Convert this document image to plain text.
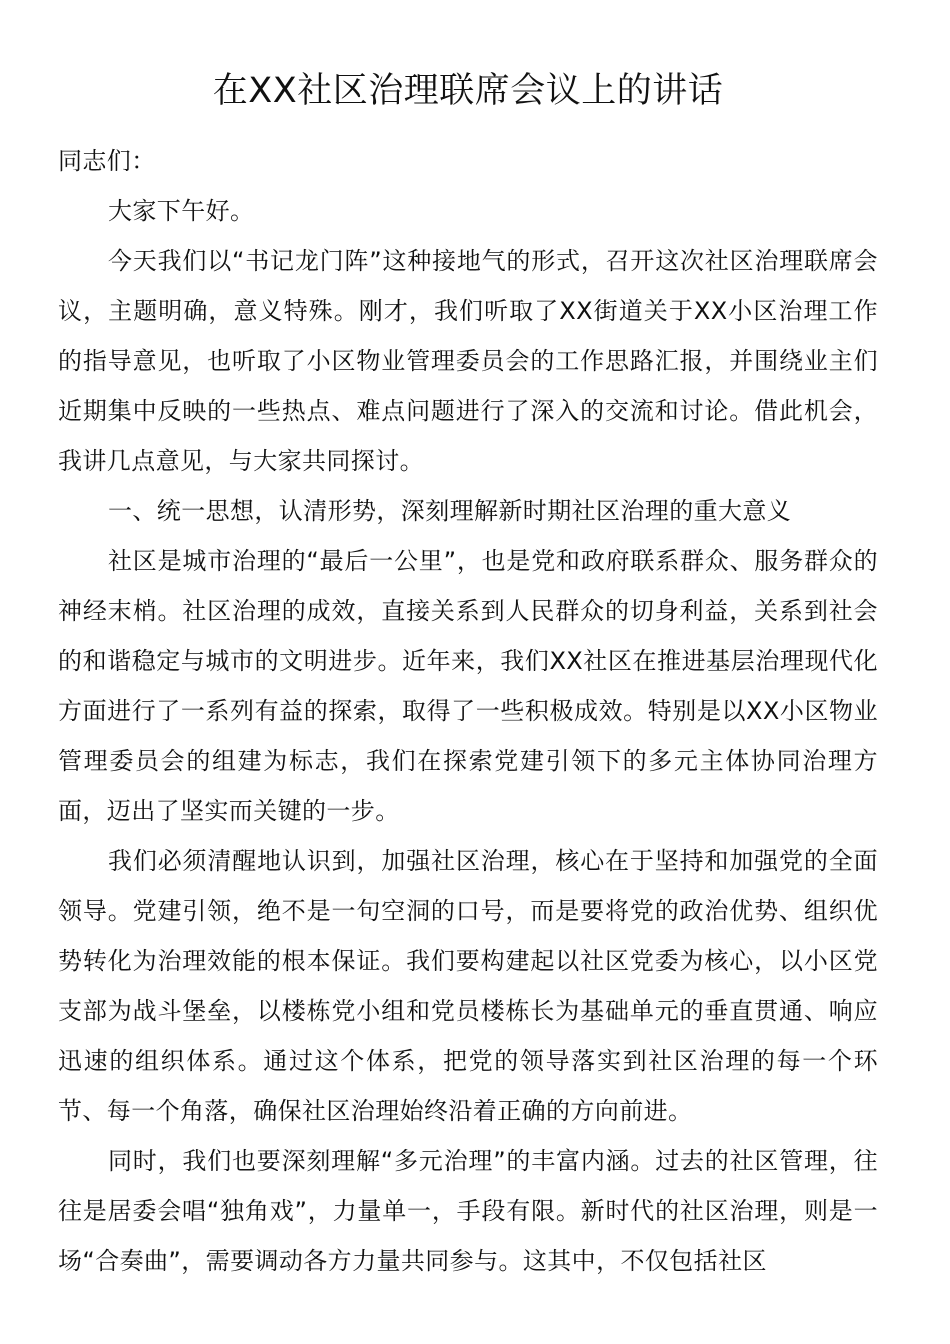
在XX社区治理联席会议上的讲话

同志们：

大家下午好。

今天我们以“书记龙门阵”这种接地气的形式，召开这次社区治理联席会议，主题明确，意义特殊。刚才，我们听取了XX街道关于XX小区治理工作的指导意见，也听取了小区物业管理委员会的工作思路汇报，并围绕业主们近期集中反映的一些热点、难点问题进行了深入的交流和讨论。借此机会，我讲几点意见，与大家共同探讨。

一、统一思想，认清形势，深刻理解新时期社区治理的重大意义

社区是城市治理的“最后一公里”，也是党和政府联系群众、服务群众的神经末梢。社区治理的成效，直接关系到人民群众的切身利益，关系到社会的和谐稳定与城市的文明进步。近年来，我们XX社区在推进基层治理现代化方面进行了一系列有益的探索，取得了一些积极成效。特别是以XX小区物业管理委员会的组建为标志，我们在探索党建引领下的多元主体协同治理方面，迈出了坚实而关键的一步。

我们必须清醒地认识到，加强社区治理，核心在于坚持和加强党的全面领导。党建引领，绝不是一句空洞的口号，而是要将党的政治优势、组织优势转化为治理效能的根本保证。我们要构建起以社区党委为核心，以小区党支部为战斗堡垒，以楼栋党小组和党员楼栋长为基础单元的垂直贯通、响应迅速的组织体系。通过这个体系，把党的领导落实到社区治理的每一个环节、每一个角落，确保社区治理始终沿着正确的方向前进。

同时，我们也要深刻理解“多元治理”的丰富内涵。过去的社区管理，往往是居委会唱“独角戏”，力量单一，手段有限。新时代的社区治理，则是一场“合奏曲”，需要调动各方力量共同参与。这其中，不仅包括社区
